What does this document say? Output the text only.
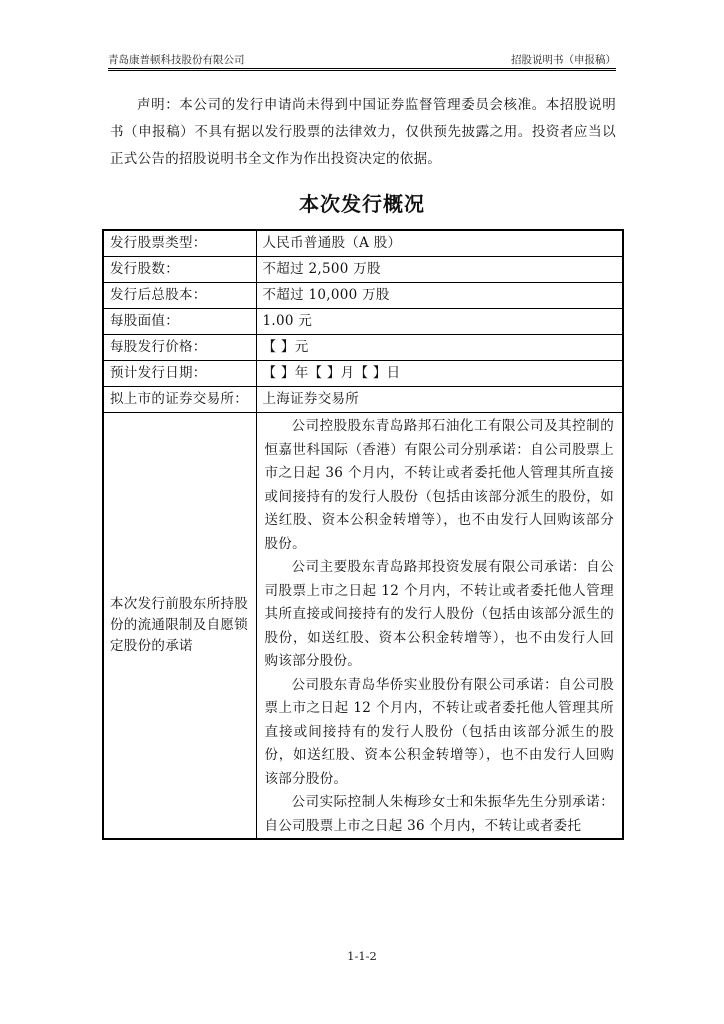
青岛康普顿科技股份有限公司	招股说明书（申报稿）
声明：本公司的发行申请尚未得到中国证券监督管理委员会核准。本招股说明书（申报稿）不具有据以发行股票的法律效力，仅供预先披露之用。投资者应当以正式公告的招股说明书全文作为作出投资决定的依据。
本次发行概况
发行股票类型：	人民币普通股（A 股）
发行股数：	不超过 2,500 万股
发行后总股本：	不超过 10,000 万股
每股面值：	1.00 元
每股发行价格：	【 】元
预计发行日期：	【 】年【 】月【 】日
拟上市的证券交易所：	上海证券交易所
本次发行前股东所持股份的流通限制及自愿锁定股份的承诺	公司控股股东青岛路邦石油化工有限公司及其控制的恒嘉世科国际（香港）有限公司分别承诺：自公司股票上市之日起 36 个月内，不转让或者委托他人管理其所直接或间接持有的发行人股份（包括由该部分派生的股份，如送红股、资本公积金转增等），也不由发行人回购该部分股份。

公司主要股东青岛路邦投资发展有限公司承诺：自公司股票上市之日起 12 个月内，不转让或者委托他人管理其所直接或间接持有的发行人股份（包括由该部分派生的股份，如送红股、资本公积金转增等），也不由发行人回购该部分股份。

公司股东青岛华侨实业股份有限公司承诺：自公司股票上市之日起 12 个月内，不转让或者委托他人管理其所直接或间接持有的发行人股份（包括由该部分派生的股份，如送红股、资本公积金转增等），也不由发行人回购该部分股份。

公司实际控制人朱梅珍女士和朱振华先生分别承诺：自公司股票上市之日起 36 个月内，不转让或者委托

1-1-2
